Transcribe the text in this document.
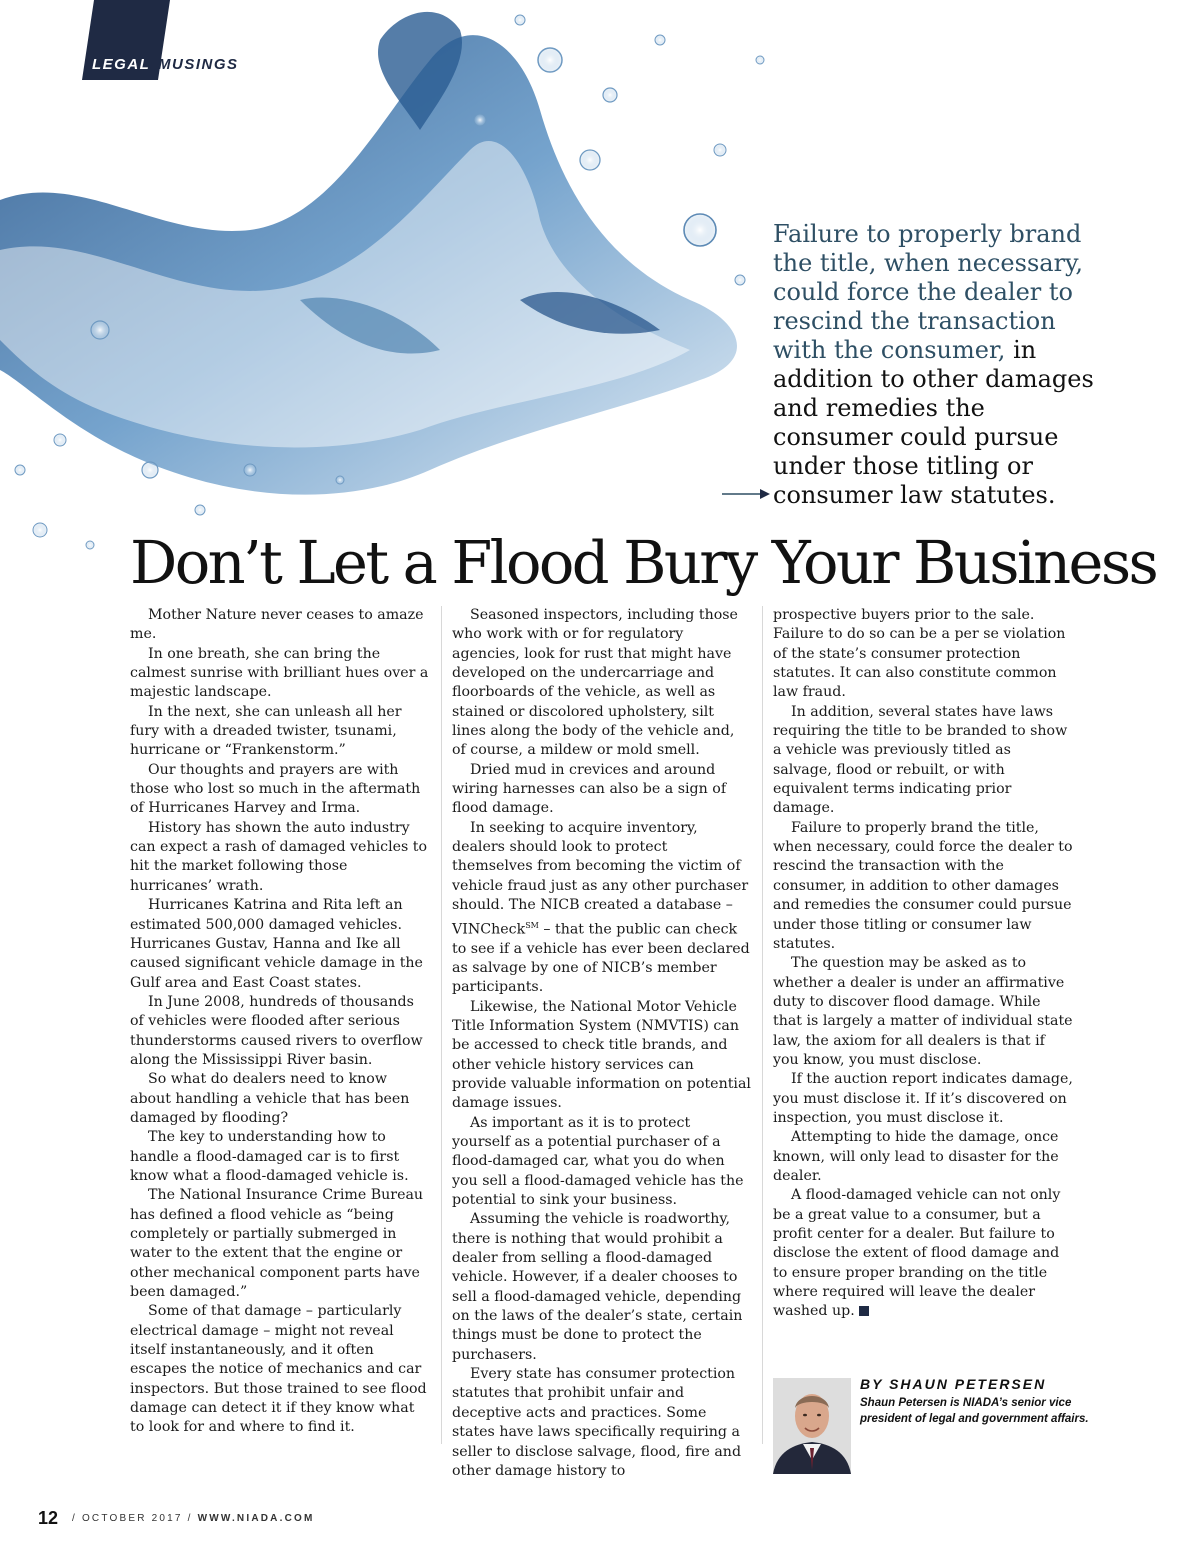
LEGAL MUSINGS
Failure to properly brand the title, when necessary, could force the dealer to rescind the transaction with the consumer, in addition to other damages and remedies the consumer could pursue under those titling or consumer law statutes.
Don’t Let a Flood Bury Your Business

Mother Nature never ceases to amaze me.

In one breath, she can bring the calmest sunrise with brilliant hues over a majestic landscape.

In the next, she can unleash all her fury with a dreaded twister, tsunami, hurricane or “Frankenstorm.”

Our thoughts and prayers are with those who lost so much in the aftermath of Hurricanes Harvey and Irma.

History has shown the auto industry can expect a rash of damaged vehicles to hit the market following those hurricanes’ wrath.

Hurricanes Katrina and Rita left an estimated 500,000 damaged vehicles. Hurricanes Gustav, Hanna and Ike all caused significant vehicle damage in the Gulf area and East Coast states.

In June 2008, hundreds of thousands of vehicles were flooded after serious thunderstorms caused rivers to overflow along the Mississippi River basin.

So what do dealers need to know about handling a vehicle that has been damaged by flooding?

The key to understanding how to handle a flood-damaged car is to first know what a flood-damaged vehicle is.

The National Insurance Crime Bureau has defined a flood vehicle as “being completely or partially submerged in water to the extent that the engine or other mechanical component parts have been damaged.”

Some of that damage – particularly electrical damage – might not reveal itself instantaneously, and it often escapes the notice of mechanics and car inspectors. But those trained to see flood damage can detect it if they know what to look for and where to find it.

Seasoned inspectors, including those who work with or for regulatory agencies, look for rust that might have developed on the undercarriage and floorboards of the vehicle, as well as stained or discolored upholstery, silt lines along the body of the vehicle and, of course, a mildew or mold smell.

Dried mud in crevices and around wiring harnesses can also be a sign of flood damage.

In seeking to acquire inventory, dealers should look to protect themselves from becoming the victim of vehicle fraud just as any other purchaser should. The NICB created a database – VINCheck℠ – that the public can check to see if a vehicle has ever been declared as salvage by one of NICB’s member participants.

Likewise, the National Motor Vehicle Title Information System (NMVTIS) can be accessed to check title brands, and other vehicle history services can provide valuable information on potential damage issues.

As important as it is to protect yourself as a potential purchaser of a flood-damaged car, what you do when you sell a flood-damaged vehicle has the potential to sink your business.

Assuming the vehicle is roadworthy, there is nothing that would prohibit a dealer from selling a flood-damaged vehicle. However, if a dealer chooses to sell a flood-damaged vehicle, depending on the laws of the dealer’s state, certain things must be done to protect the purchasers.

Every state has consumer protection statutes that prohibit unfair and deceptive acts and practices. Some states have laws specifically requiring a seller to disclose salvage, flood, fire and other damage history to

prospective buyers prior to the sale. Failure to do so can be a per se violation of the state’s consumer protection statutes. It can also constitute common law fraud.

In addition, several states have laws requiring the title to be branded to show a vehicle was previously titled as salvage, flood or rebuilt, or with equivalent terms indicating prior damage.

Failure to properly brand the title, when necessary, could force the dealer to rescind the transaction with the consumer, in addition to other damages and remedies the consumer could pursue under those titling or consumer law statutes.

The question may be asked as to whether a dealer is under an affirmative duty to discover flood damage. While that is largely a matter of individual state law, the axiom for all dealers is that if you know, you must disclose.

If the auction report indicates damage, you must disclose it. If it’s discovered on inspection, you must disclose it.

Attempting to hide the damage, once known, will only lead to disaster for the dealer.

A flood-damaged vehicle can not only be a great value to a consumer, but a profit center for a dealer. But failure to disclose the extent of flood damage and to ensure proper branding on the title where required will leave the dealer washed up.

BY SHAUN PETERSEN
Shaun Petersen is NIADA’s senior vice president of legal and government affairs.
12 / OCTOBER 2017 / WWW.NIADA.COM
